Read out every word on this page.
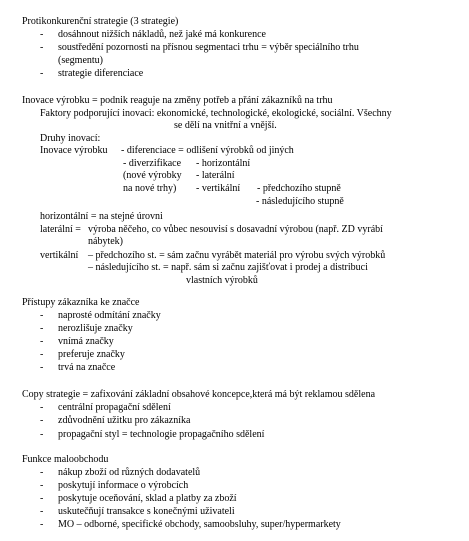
Protikonkurenční strategie (3 strategie)
- dosáhnout nižších nákladů, než jaké má konkurence
- soustředění pozornosti na přísnou segmentaci trhu = výběr speciálního trhu
(segmentu)
- strategie diferenciace
Inovace výrobku = podnik reaguje na změny potřeb a přání zákazníků na trhu
Faktory podporující inovaci: ekonomické, technologické, ekologické, sociální. Všechny
se dělí na vnitřní a vnější.
Druhy inovací:
Inovace výrobku - diferenciace = odlišení výrobků od jiných
- diverzifikace - horizontální
(nové výrobky - laterální
na nové trhy) - vertikální - předchozího stupně
- následujícího stupně
horizontální = na stejné úrovni
laterální = výroba něčeho, co vůbec nesouvisí s dosavadní výrobou (např. ZD vyrábí
nábytek)
vertikální – předchozího st. = sám začnu vyrábět materiál pro výrobu svých výrobků
– následujícího st. = např. sám si začnu zajišťovat i prodej a distribuci
vlastních výrobků
Přístupy zákazníka ke značce
- naprosté odmítání značky
- nerozlišuje značky
- vnímá značky
- preferuje značky
- trvá na značce
Copy strategie = zafixování základní obsahové koncepce,která má být reklamou sdělena
- centrální propagační sdělení
- zdůvodnění užitku pro zákazníka
- propagační styl = technologie propagačního sdělení
Funkce maloobchodu
- nákup zboží od různých dodavatelů
- poskytují informace o výrobcích
- poskytuje oceňování, sklad a platby za zboží
- uskutečňují transakce s konečnými uživateli
- MO – odborné, specifické obchody, samoobsluhy, super/hypermarkety
